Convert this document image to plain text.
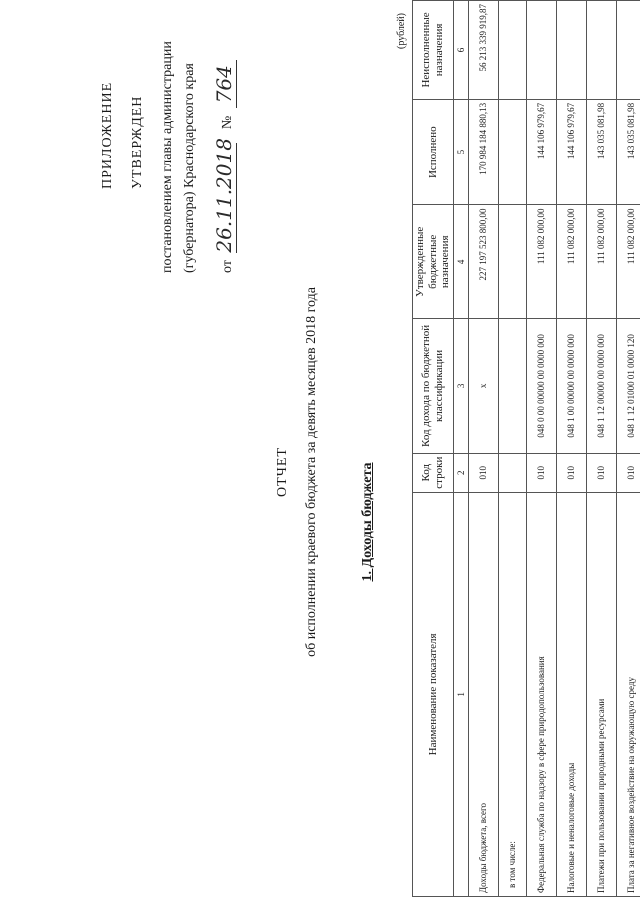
ПРИЛОЖЕНИЕ УТВЕРЖДЕН постановлением главы администрации (губернатора) Краснодарского края	от 26.11.2018 № 764
ОТЧЕТ об исполнении краевого бюджета за девять месяцев 2018 года	1. Доходы бюджета
(рублей)
Наименование показателя	Код строки	Код дохода по бюджетной классификации	Утвержденные бюджетные назначения	Исполнено	Неисполненные назначения
1	2	3	4	5	6
Доходы бюджета, всего	010	х	227 197 523 800,00	170 984 184 880,13	56 213 339 919,87
в том числе:					
Федеральная служба по надзору в сфере природопользования	010	048 0 00 00000 00 0000 000	111 082 000,00	144 106 979,67	
Налоговые и неналоговые доходы	010	048 1 00 00000 00 0000 000	111 082 000,00	144 106 979,67	
Платежи при пользовании природными ресурсами	010	048 1 12 00000 00 0000 000	111 082 000,00	143 035 081,98	
Плата за негативное воздействие на окружающую среду	010	048 1 12 01000 01 0000 120	111 082 000,00	143 035 081,98	
